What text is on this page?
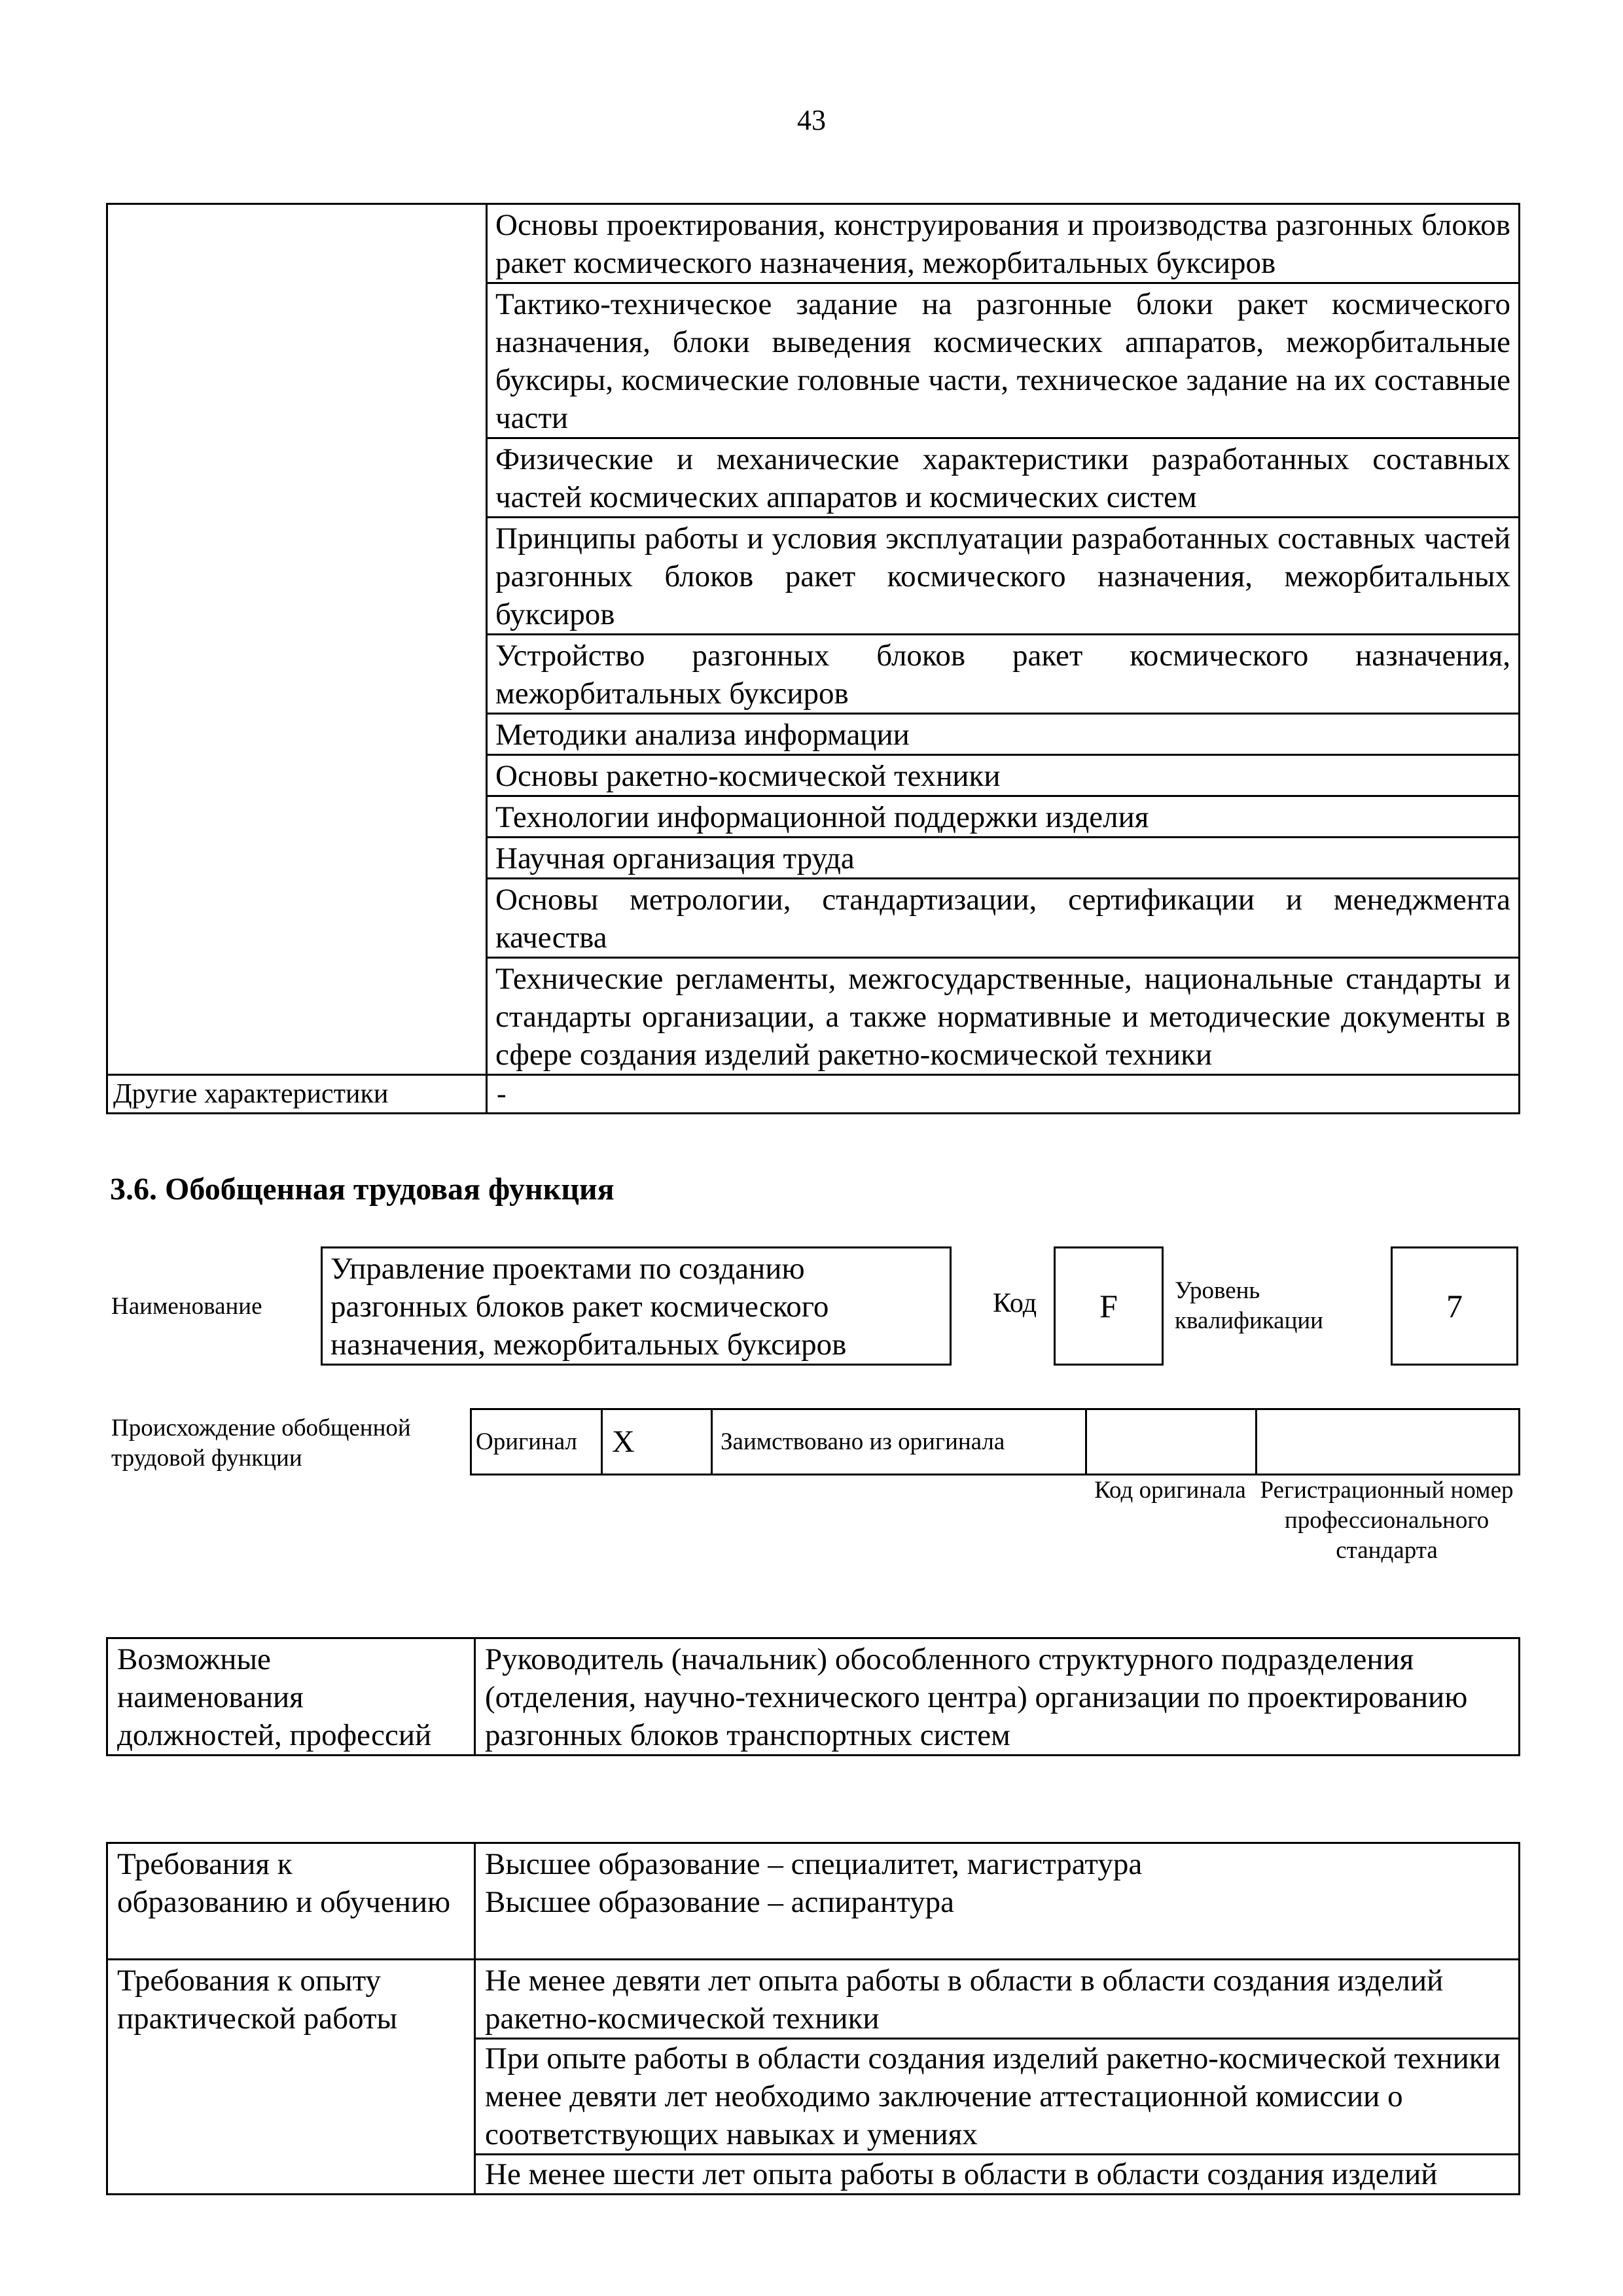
43

	Основы проектирования, конструирования и производства разгонных блоков ракет космического назначения, межорбитальных буксиров

	Тактико-техническое задание на разгонные блоки ракет космического назначения, блоки выведения космических аппаратов, межорбитальные буксиры, космические головные части, техническое задание на их составные части

	Физические и механические характеристики разработанных составных частей космических аппаратов и космических систем

	Принципы работы и условия эксплуатации разработанных составных частей разгонных блоков ракет космического назначения, межорбитальных буксиров

	Устройство разгонных блоков ракет космического назначения, межорбитальных буксиров

	Методики анализа информации

	Основы ракетно-космической техники

	Технологии информационной поддержки изделия

	Научная организация труда

	Основы метрологии, стандартизации, сертификации и менеджмента качества

	Технические регламенты, межгосударственные, национальные стандарты и стандарты организации, а также нормативные и методические документы в сфере создания изделий ракетно-космической техники

Другие характеристики	-
3.6. Обобщенная трудовая функция
Наименование
Управление проектами по созданию разгонных блоков ракет космического назначения, межорбитальных буксиров
Код	F	Уровень квалификации	7
Происхождение обобщенной трудовой функции
Оригинал	X	Заимствовано из оригинала		
Код оригинала Регистрационный номер профессионального стандарта
Возможные наименования должностей, профессий	Руководитель (начальник) обособленного структурного подразделения (отделения, научно-технического центра) организации по проектированию разгонных блоков транспортных систем
Требования к образованию и обучению	Высшее образование – специалитет, магистратура
Высшее образование – аспирантура

Требования к опыту практической работы	Не менее девяти лет опыта работы в области в области создания изделий ракетно-космической техники
При опыте работы в области создания изделий ракетно-космической техники менее девяти лет необходимо заключение аттестационной комиссии о соответствующих навыках и умениях
Не менее шести лет опыта работы в области в области создания изделий
